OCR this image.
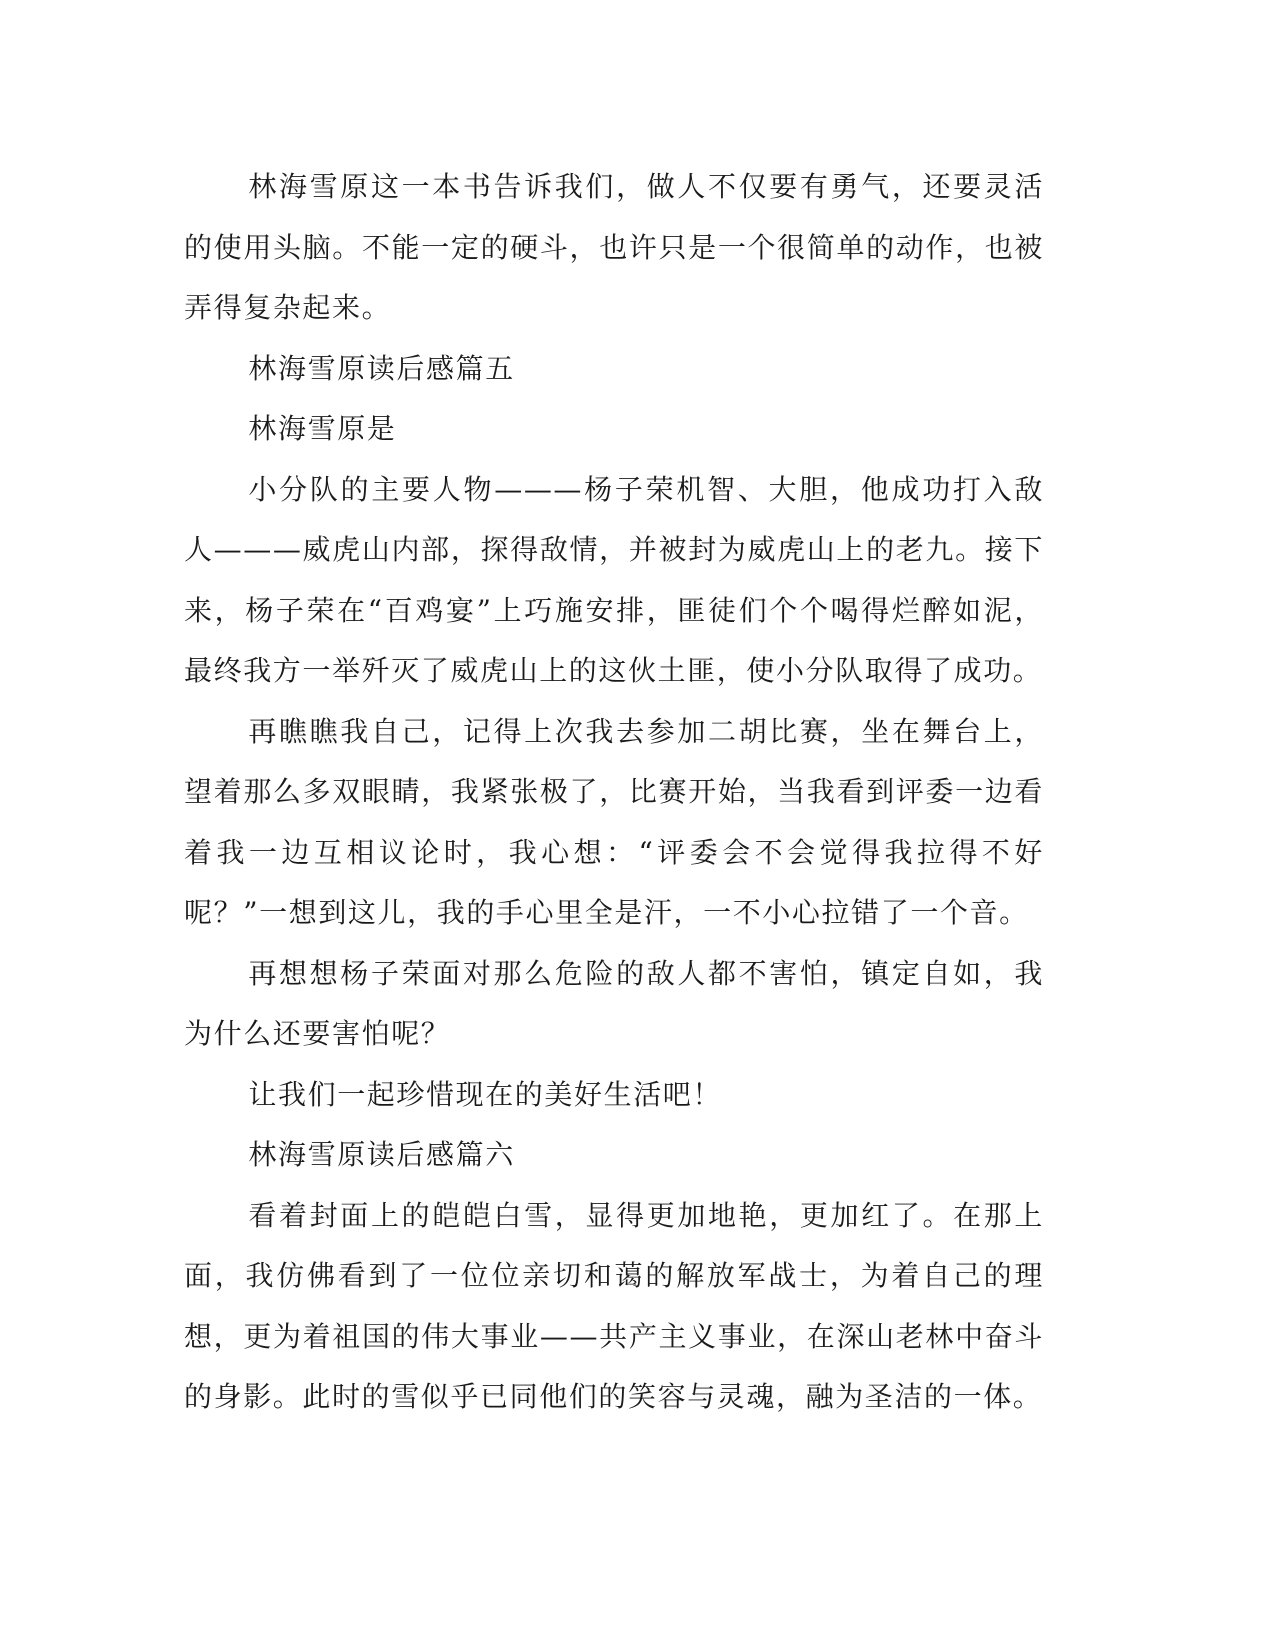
林海雪原这一本书告诉我们，做人不仅要有勇气，还要灵活的使用头脑。不能一定的硬斗，也许只是一个很简单的动作，也被弄得复杂起来。

林海雪原读后感篇五

林海雪原是

小分队的主要人物———杨子荣机智、大胆，他成功打入敌人———威虎山内部，探得敌情，并被封为威虎山上的老九。接下来，杨子荣在“百鸡宴”上巧施安排，匪徒们个个喝得烂醉如泥，最终我方一举歼灭了威虎山上的这伙土匪，使小分队取得了成功。

再瞧瞧我自己，记得上次我去参加二胡比赛，坐在舞台上，望着那么多双眼睛，我紧张极了，比赛开始，当我看到评委一边看着我一边互相议论时，我心想：“评委会不会觉得我拉得不好呢？”一想到这儿，我的手心里全是汗，一不小心拉错了一个音。

再想想杨子荣面对那么危险的敌人都不害怕，镇定自如，我为什么还要害怕呢？

让我们一起珍惜现在的美好生活吧！

林海雪原读后感篇六

看着封面上的皑皑白雪，显得更加地艳，更加红了。在那上面，我仿佛看到了一位位亲切和蔼的解放军战士，为着自己的理想，更为着祖国的伟大事业——共产主义事业，在深山老林中奋斗的身影。此时的雪似乎已同他们的笑容与灵魂，融为圣洁的一体。
